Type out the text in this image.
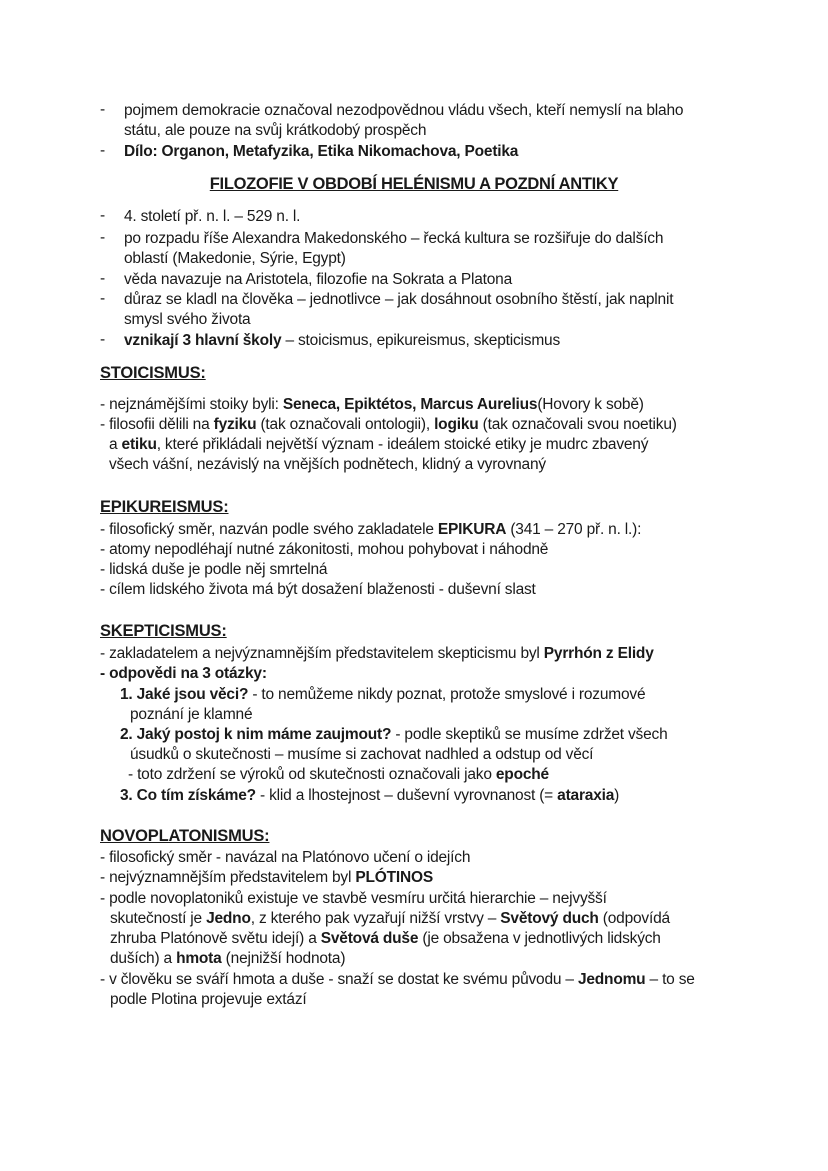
- pojmem demokracie označoval nezodpovědnou vládu všech, kteří nemyslí na blaho
státu, ale pouze na svůj krátkodobý prospěch
- Dílo: Organon, Metafyzika, Etika Nikomachova, Poetika
FILOZOFIE V OBDOBÍ HELÉNISMU A POZDNÍ ANTIKY
- 4. století př. n. l. – 529 n. l.
- po rozpadu říše Alexandra Makedonského – řecká kultura se rozšiřuje do dalších
oblastí (Makedonie, Sýrie, Egypt)
- věda navazuje na Aristotela, filozofie na Sokrata a Platona
- důraz se kladl na člověka – jednotlivce – jak dosáhnout osobního štěstí, jak naplnit
smysl svého života
- vznikají 3 hlavní školy – stoicismus, epikureismus, skepticismus
STOICISMUS:
- nejznámějšími stoiky byli: Seneca, Epiktétos, Marcus Aurelius(Hovory k sobě)
- filosofii dělili na fyziku (tak označovali ontologii), logiku (tak označovali svou noetiku)
a etiku, které přikládali největší význam - ideálem stoické etiky je mudrc zbavený
všech vášní, nezávislý na vnějších podnětech, klidný a vyrovnaný
EPIKUREISMUS:
- filosofický směr, nazván podle svého zakladatele EPIKURA (341 – 270 př. n. l.):
- atomy nepodléhají nutné zákonitosti, mohou pohybovat i náhodně
- lidská duše je podle něj smrtelná
- cílem lidského života má být dosažení blaženosti - duševní slast
SKEPTICISMUS:
- zakladatelem a nejvýznamnějším představitelem skepticismu byl Pyrrhón z Elidy
- odpovědi na 3 otázky:
1. Jaké jsou věci? - to nemůžeme nikdy poznat, protože smyslové i rozumové
poznání je klamné
2. Jaký postoj k nim máme zaujmout? - podle skeptiků se musíme zdržet všech
úsudků o skutečnosti – musíme si zachovat nadhled a odstup od věcí
- toto zdržení se výroků od skutečnosti označovali jako epoché
3. Co tím získáme? - klid a lhostejnost – duševní vyrovnanost (= ataraxia)
NOVOPLATONISMUS:
- filosofický směr - navázal na Platónovo učení o idejích
- nejvýznamnějším představitelem byl PLÓTINOS
- podle novoplatoniků existuje ve stavbě vesmíru určitá hierarchie – nejvyšší
skutečností je Jedno, z kterého pak vyzařují nižší vrstvy – Světový duch (odpovídá
zhruba Platónově světu idejí) a Světová duše (je obsažena v jednotlivých lidských
duších) a hmota (nejnižší hodnota)
- v člověku se sváří hmota a duše - snaží se dostat ke svému původu – Jednomu – to se
podle Plotina projevuje extází
